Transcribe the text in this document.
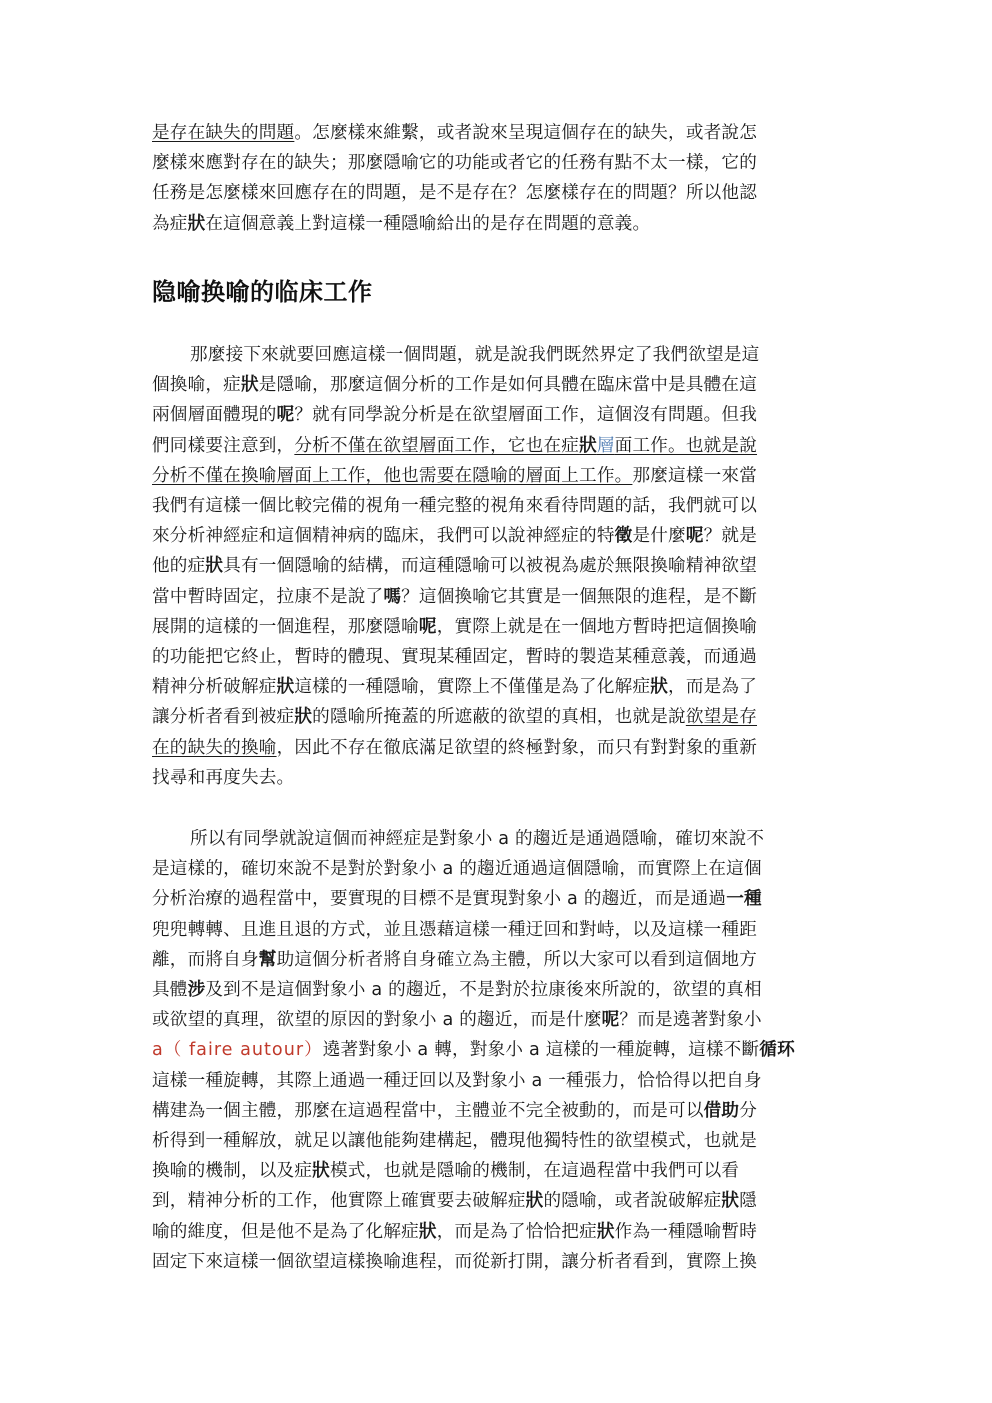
是存在缺失的問題。怎麼樣來維繫，或者說來呈現這個存在的缺失，或者說怎
麼樣來應對存在的缺失；那麼隱喻它的功能或者它的任務有點不太一樣，它的
任務是怎麼樣來回應存在的問題，是不是存在？怎麼樣存在的問題？所以他認
為症狀在這個意義上對這樣一種隱喻給出的是存在問題的意義。
隐喻换喻的临床工作
那麼接下來就要回應這樣一個問題，就是說我們既然界定了我們欲望是這
個換喻，症狀是隱喻，那麼這個分析的工作是如何具體在臨床當中是具體在這
兩個層面體現的呢？就有同學說分析是在欲望層面工作，這個沒有問題。但我
們同樣要注意到，分析不僅在欲望層面工作，它也在症狀層面工作。也就是說
分析不僅在換喻層面上工作，他也需要在隱喻的層面上工作。那麼這樣一來當
我們有這樣一個比較完備的視角一種完整的視角來看待問題的話，我們就可以
來分析神經症和這個精神病的臨床，我們可以說神經症的特徵是什麼呢？就是
他的症狀具有一個隱喻的結構，而這種隱喻可以被視為處於無限換喻精神欲望
當中暫時固定，拉康不是說了嗎？這個換喻它其實是一個無限的進程，是不斷
展開的這樣的一個進程，那麼隱喻呢，實際上就是在一個地方暫時把這個換喻
的功能把它終止，暫時的體現、實現某種固定，暫時的製造某種意義，而通過
精神分析破解症狀這樣的一種隱喻，實際上不僅僅是為了化解症狀，而是為了
讓分析者看到被症狀的隱喻所掩蓋的所遮蔽的欲望的真相，也就是說欲望是存
在的缺失的換喻，因此不存在徹底滿足欲望的終極對象，而只有對對象的重新
找尋和再度失去。
所以有同學就說這個而神經症是對象小 a 的趨近是通過隱喻，確切來說不
是這樣的，確切來說不是對於對象小 a 的趨近通過這個隱喻，而實際上在這個
分析治療的過程當中，要實現的目標不是實現對象小 a 的趨近，而是通過一種
兜兜轉轉、且進且退的方式，並且憑藉這樣一種迂回和對峙，以及這樣一種距
離，而將自身幫助這個分析者將自身確立為主體，所以大家可以看到這個地方
具體涉及到不是這個對象小 a 的趨近，不是對於拉康後來所說的，欲望的真相
或欲望的真理，欲望的原因的對象小 a 的趨近，而是什麼呢？而是遶著對象小
a（ faire autour）遶著對象小 a 轉，對象小 a 這樣的一種旋轉，這樣不斷循环
這樣一種旋轉，其際上通過一種迂回以及對象小 a 一種張力，恰恰得以把自身
構建為一個主體，那麼在這過程當中，主體並不完全被動的，而是可以借助分
析得到一種解放，就足以讓他能夠建構起，體現他獨特性的欲望模式，也就是
換喻的機制，以及症狀模式，也就是隱喻的機制，在這過程當中我們可以看
到，精神分析的工作，他實際上確實要去破解症狀的隱喻，或者說破解症狀隱
喻的維度，但是他不是為了化解症狀，而是為了恰恰把症狀作為一種隱喻暫時
固定下來這樣一個欲望這樣換喻進程，而從新打開，讓分析者看到，實際上換
